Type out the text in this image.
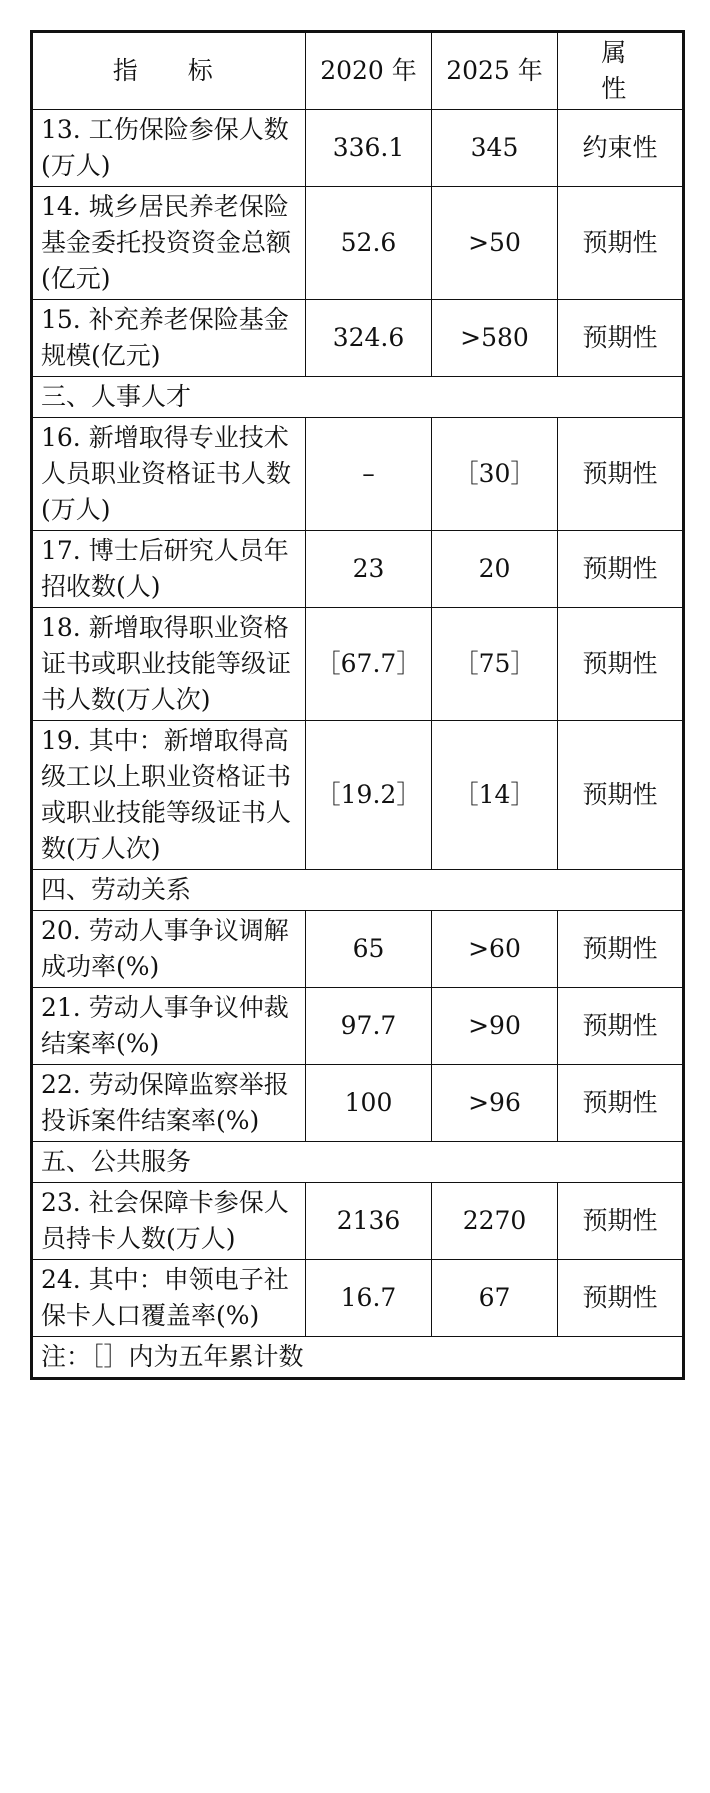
指　标	2020 年	2025 年	属　性
13. 工伤保险参保人数(万人)	336.1	345	约束性
14. 城乡居民养老保险基金委托投资资金总额(亿元)	52.6	>50	预期性
15. 补充养老保险基金规模(亿元)	324.6	>580	预期性
三、人事人才			
16. 新增取得专业技术人员职业资格证书人数(万人)	–	［30］	预期性
17. 博士后研究人员年招收数(人)	23	20	预期性
18. 新增取得职业资格证书或职业技能等级证书人数(万人次)	［67.7］	［75］	预期性
19. 其中：新增取得高级工以上职业资格证书或职业技能等级证书人数(万人次)	［19.2］	［14］	预期性
四、劳动关系			
20. 劳动人事争议调解成功率(%)	65	>60	预期性
21. 劳动人事争议仲裁结案率(%)	97.7	>90	预期性
22. 劳动保障监察举报投诉案件结案率(%)	100	>96	预期性
五、公共服务			
23. 社会保障卡参保人员持卡人数(万人)	2136	2270	预期性
24. 其中：申领电子社保卡人口覆盖率(%)	16.7	67	预期性
注：［］内为五年累计数			
